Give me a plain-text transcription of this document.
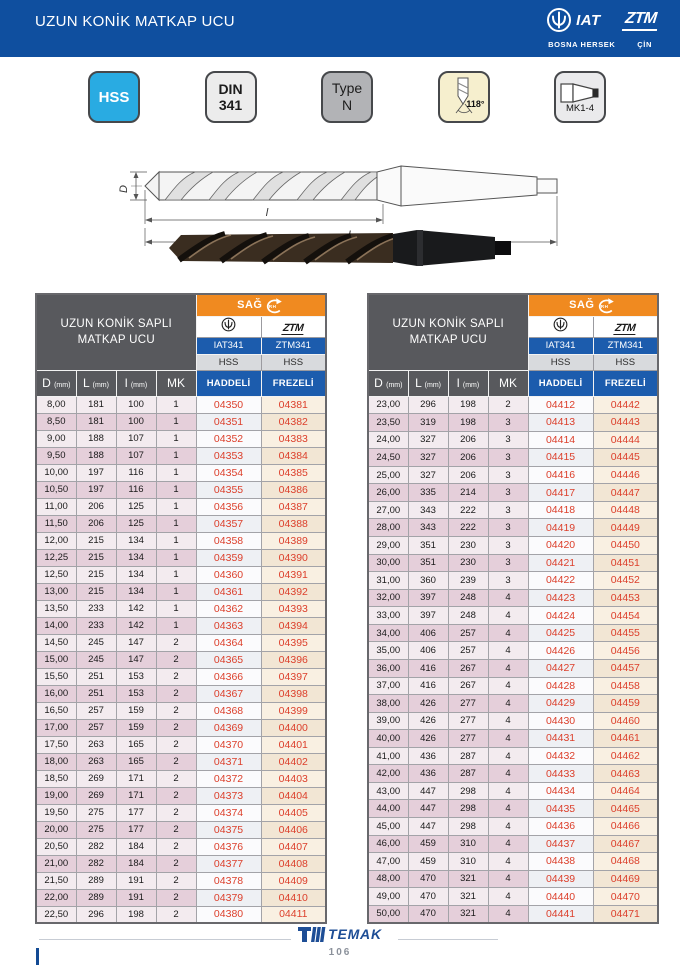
UZUN KONİK MATKAP UCU	IAT ZTM
BOSNA HERSEK	ÇİN
HSS	DIN
341
Type
N	118°	MK1-4
D
l
UZUN KONİK SAPLI
MATKAP UCU				SAĞ RH	

	ZTM
				IAT341	ZTM341
				HSS	HSS
D (mm)	L (mm)	l (mm)	MK	HADDELİ	FREZELİ
8,00	181	100	1	04350	04381
8,50	181	100	1	04351	04382
9,00	188	107	1	04352	04383
9,50	188	107	1	04353	04384
10,00	197	116	1	04354	04385
10,50	197	116	1	04355	04386
11,00	206	125	1	04356	04387
11,50	206	125	1	04357	04388
12,00	215	134	1	04358	04389
12,25	215	134	1	04359	04390
12,50	215	134	1	04360	04391
13,00	215	134	1	04361	04392
13,50	233	142	1	04362	04393
14,00	233	142	1	04363	04394
14,50	245	147	2	04364	04395
15,00	245	147	2	04365	04396
15,50	251	153	2	04366	04397
16,00	251	153	2	04367	04398
16,50	257	159	2	04368	04399
17,00	257	159	2	04369	04400
17,50	263	165	2	04370	04401
18,00	263	165	2	04371	04402
18,50	269	171	2	04372	04403
19,00	269	171	2	04373	04404
19,50	275	177	2	04374	04405
20,00	275	177	2	04375	04406
20,50	282	184	2	04376	04407
21,00	282	184	2	04377	04408
21,50	289	191	2	04378	04409
22,00	289	191	2	04379	04410
22,50	296	198	2	04380	04411
UZUN KONİK SAPLI
MATKAP UCU				SAĞ RH	

	ZTM
				IAT341	ZTM341
				HSS	HSS
D (mm)	L (mm)	l (mm)	MK	HADDELİ	FREZELİ
23,00	296	198	2	04412	04442
23,50	319	198	3	04413	04443
24,00	327	206	3	04414	04444
24,50	327	206	3	04415	04445
25,00	327	206	3	04416	04446
26,00	335	214	3	04417	04447
27,00	343	222	3	04418	04448
28,00	343	222	3	04419	04449
29,00	351	230	3	04420	04450
30,00	351	230	3	04421	04451
31,00	360	239	3	04422	04452
32,00	397	248	4	04423	04453
33,00	397	248	4	04424	04454
34,00	406	257	4	04425	04455
35,00	406	257	4	04426	04456
36,00	416	267	4	04427	04457
37,00	416	267	4	04428	04458
38,00	426	277	4	04429	04459
39,00	426	277	4	04430	04460
40,00	426	277	4	04431	04461
41,00	436	287	4	04432	04462
42,00	436	287	4	04433	04463
43,00	447	298	4	04434	04464
44,00	447	298	4	04435	04465
45,00	447	298	4	04436	04466
46,00	459	310	4	04437	04467
47,00	459	310	4	04438	04468
48,00	470	321	4	04439	04469
49,00	470	321	4	04440	04470
50,00	470	321	4	04441	04471
TEMAK
106
